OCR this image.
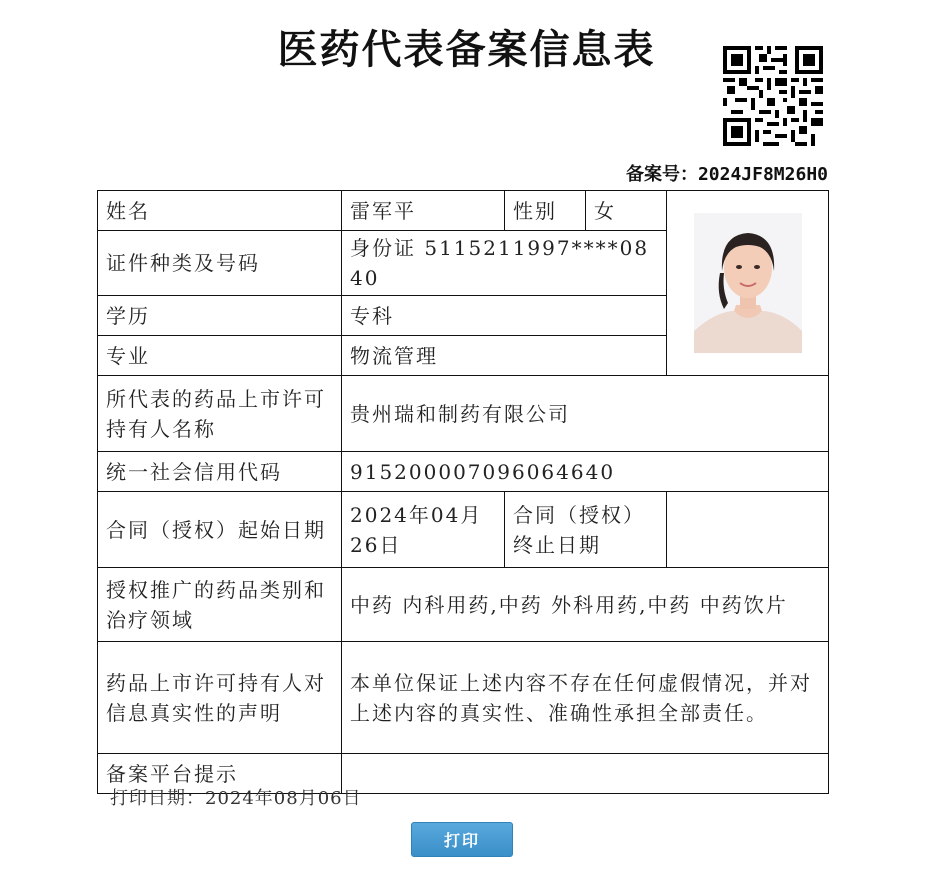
医药代表备案信息表
备案号：2024JF8M26H0
姓名	雷军平	性别	女	

证件种类及号码	身份证 5115211997****0840			
学历	专科			
专业	物流管理			
所代表的药品上市许可持有人名称	贵州瑞和制药有限公司			
统一社会信用代码	915200007096064640			
合同（授权）起始日期	2024年04月26日	合同（授权）终止日期		
授权推广的药品类别和治疗领域	中药 内科用药,中药 外科用药,中药 中药饮片			
药品上市许可持有人对信息真实性的声明	本单位保证上述内容不存在任何虚假情况，并对上述内容的真实性、准确性承担全部责任。			
备案平台提示				
打印日期：2024年08月06日
打印
